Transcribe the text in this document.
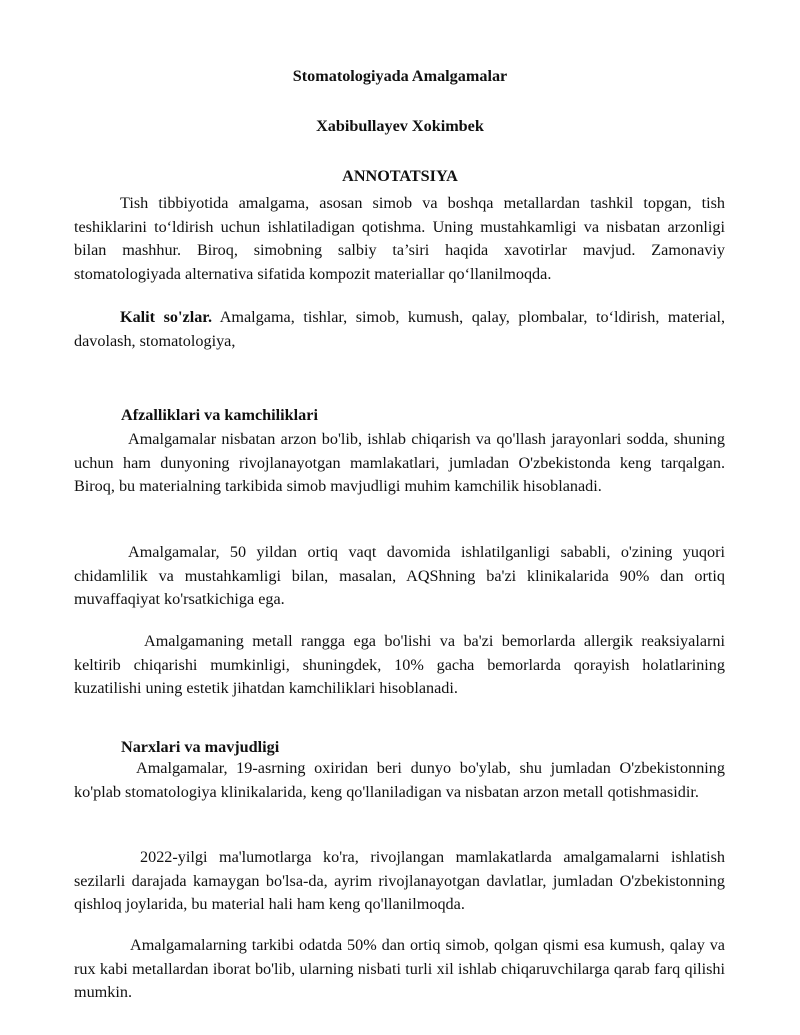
Stomatologiyada Amalgamalar
Xabibullayev Xokimbek
ANNOTATSIYA

Tish tibbiyotida amalgama, asosan simob va boshqa metallardan tashkil topgan, tish teshiklarini to‘ldirish uchun ishlatiladigan qotishma. Uning mustahkamligi va nisbatan arzonligi bilan mashhur. Biroq, simobning salbiy ta’siri haqida xavotirlar mavjud. Zamonaviy stomatologiyada alternativa sifatida kompozit materiallar qo‘llanilmoqda.

Kalit so'zlar. Amalgama, tishlar, simob, kumush, qalay, plombalar, to‘ldirish, material, davolash, stomatologiya,

Afzalliklari va kamchiliklari

Amalgamalar nisbatan arzon bo'lib, ishlab chiqarish va qo'llash jarayonlari sodda, shuning uchun ham dunyoning rivojlanayotgan mamlakatlari, jumladan O'zbekistonda keng tarqalgan. Biroq, bu materialning tarkibida simob mavjudligi muhim kamchilik hisoblanadi.

Amalgamalar, 50 yildan ortiq vaqt davomida ishlatilganligi sababli, o'zining yuqori chidamlilik va mustahkamligi bilan, masalan, AQShning ba'zi klinikalarida 90% dan ortiq muvaffaqiyat ko'rsatkichiga ega.

Amalgamaning metall rangga ega bo'lishi va ba'zi bemorlarda allergik reaksiyalarni keltirib chiqarishi mumkinligi, shuningdek, 10% gacha bemorlarda qorayish holatlarining kuzatilishi uning estetik jihatdan kamchiliklari hisoblanadi.

Narxlari va mavjudligi

Amalgamalar, 19-asrning oxiridan beri dunyo bo'ylab, shu jumladan O'zbekistonning ko'plab stomatologiya klinikalarida, keng qo'llaniladigan va nisbatan arzon metall qotishmasidir.

2022-yilgi ma'lumotlarga ko'ra, rivojlangan mamlakatlarda amalgamalarni ishlatish sezilarli darajada kamaygan bo'lsa-da, ayrim rivojlanayotgan davlatlar, jumladan O'zbekistonning qishloq joylarida, bu material hali ham keng qo'llanilmoqda.

Amalgamalarning tarkibi odatda 50% dan ortiq simob, qolgan qismi esa kumush, qalay va rux kabi metallardan iborat bo'lib, ularning nisbati turli xil ishlab chiqaruvchilarga qarab farq qilishi mumkin.
